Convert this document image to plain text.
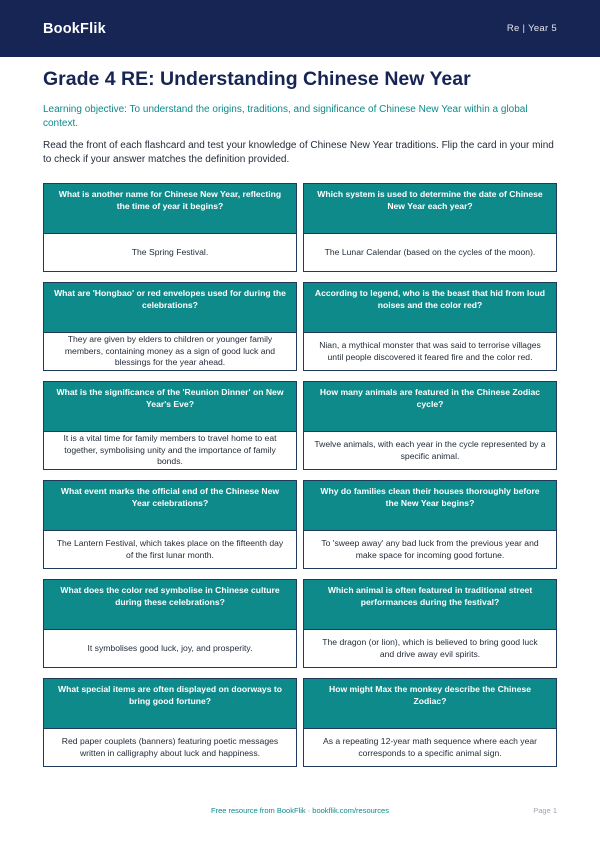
BookFlik	Re | Year 5
Grade 4 RE: Understanding Chinese New Year

Learning objective: To understand the origins, traditions, and significance of Chinese New Year within a global context.

Read the front of each flashcard and test your knowledge of Chinese New Year traditions. Flip the card in your mind to check if your answer matches the definition provided.

What is another name for Chinese New Year, reflecting the time of year it begins?
The Spring Festival.
Which system is used to determine the date of Chinese New Year each year?
The Lunar Calendar (based on the cycles of the moon).
What are 'Hongbao' or red envelopes used for during the celebrations?
They are given by elders to children or younger family members, containing money as a sign of good luck and blessings for the year ahead.
According to legend, who is the beast that hid from loud noises and the color red?
Nian, a mythical monster that was said to terrorise villages until people discovered it feared fire and the color red.
What is the significance of the 'Reunion Dinner' on New Year's Eve?
It is a vital time for family members to travel home to eat together, symbolising unity and the importance of family bonds.
How many animals are featured in the Chinese Zodiac cycle?
Twelve animals, with each year in the cycle represented by a specific animal.
What event marks the official end of the Chinese New Year celebrations?
The Lantern Festival, which takes place on the fifteenth day of the first lunar month.
Why do families clean their houses thoroughly before the New Year begins?
To 'sweep away' any bad luck from the previous year and make space for incoming good fortune.
What does the color red symbolise in Chinese culture during these celebrations?
It symbolises good luck, joy, and prosperity.
Which animal is often featured in traditional street performances during the festival?
The dragon (or lion), which is believed to bring good luck and drive away evil spirits.
What special items are often displayed on doorways to bring good fortune?
Red paper couplets (banners) featuring poetic messages written in calligraphy about luck and happiness.
How might Max the monkey describe the Chinese Zodiac?
As a repeating 12-year math sequence where each year corresponds to a specific animal sign.
Free resource from BookFlik · bookflik.com/resources	Page 1
